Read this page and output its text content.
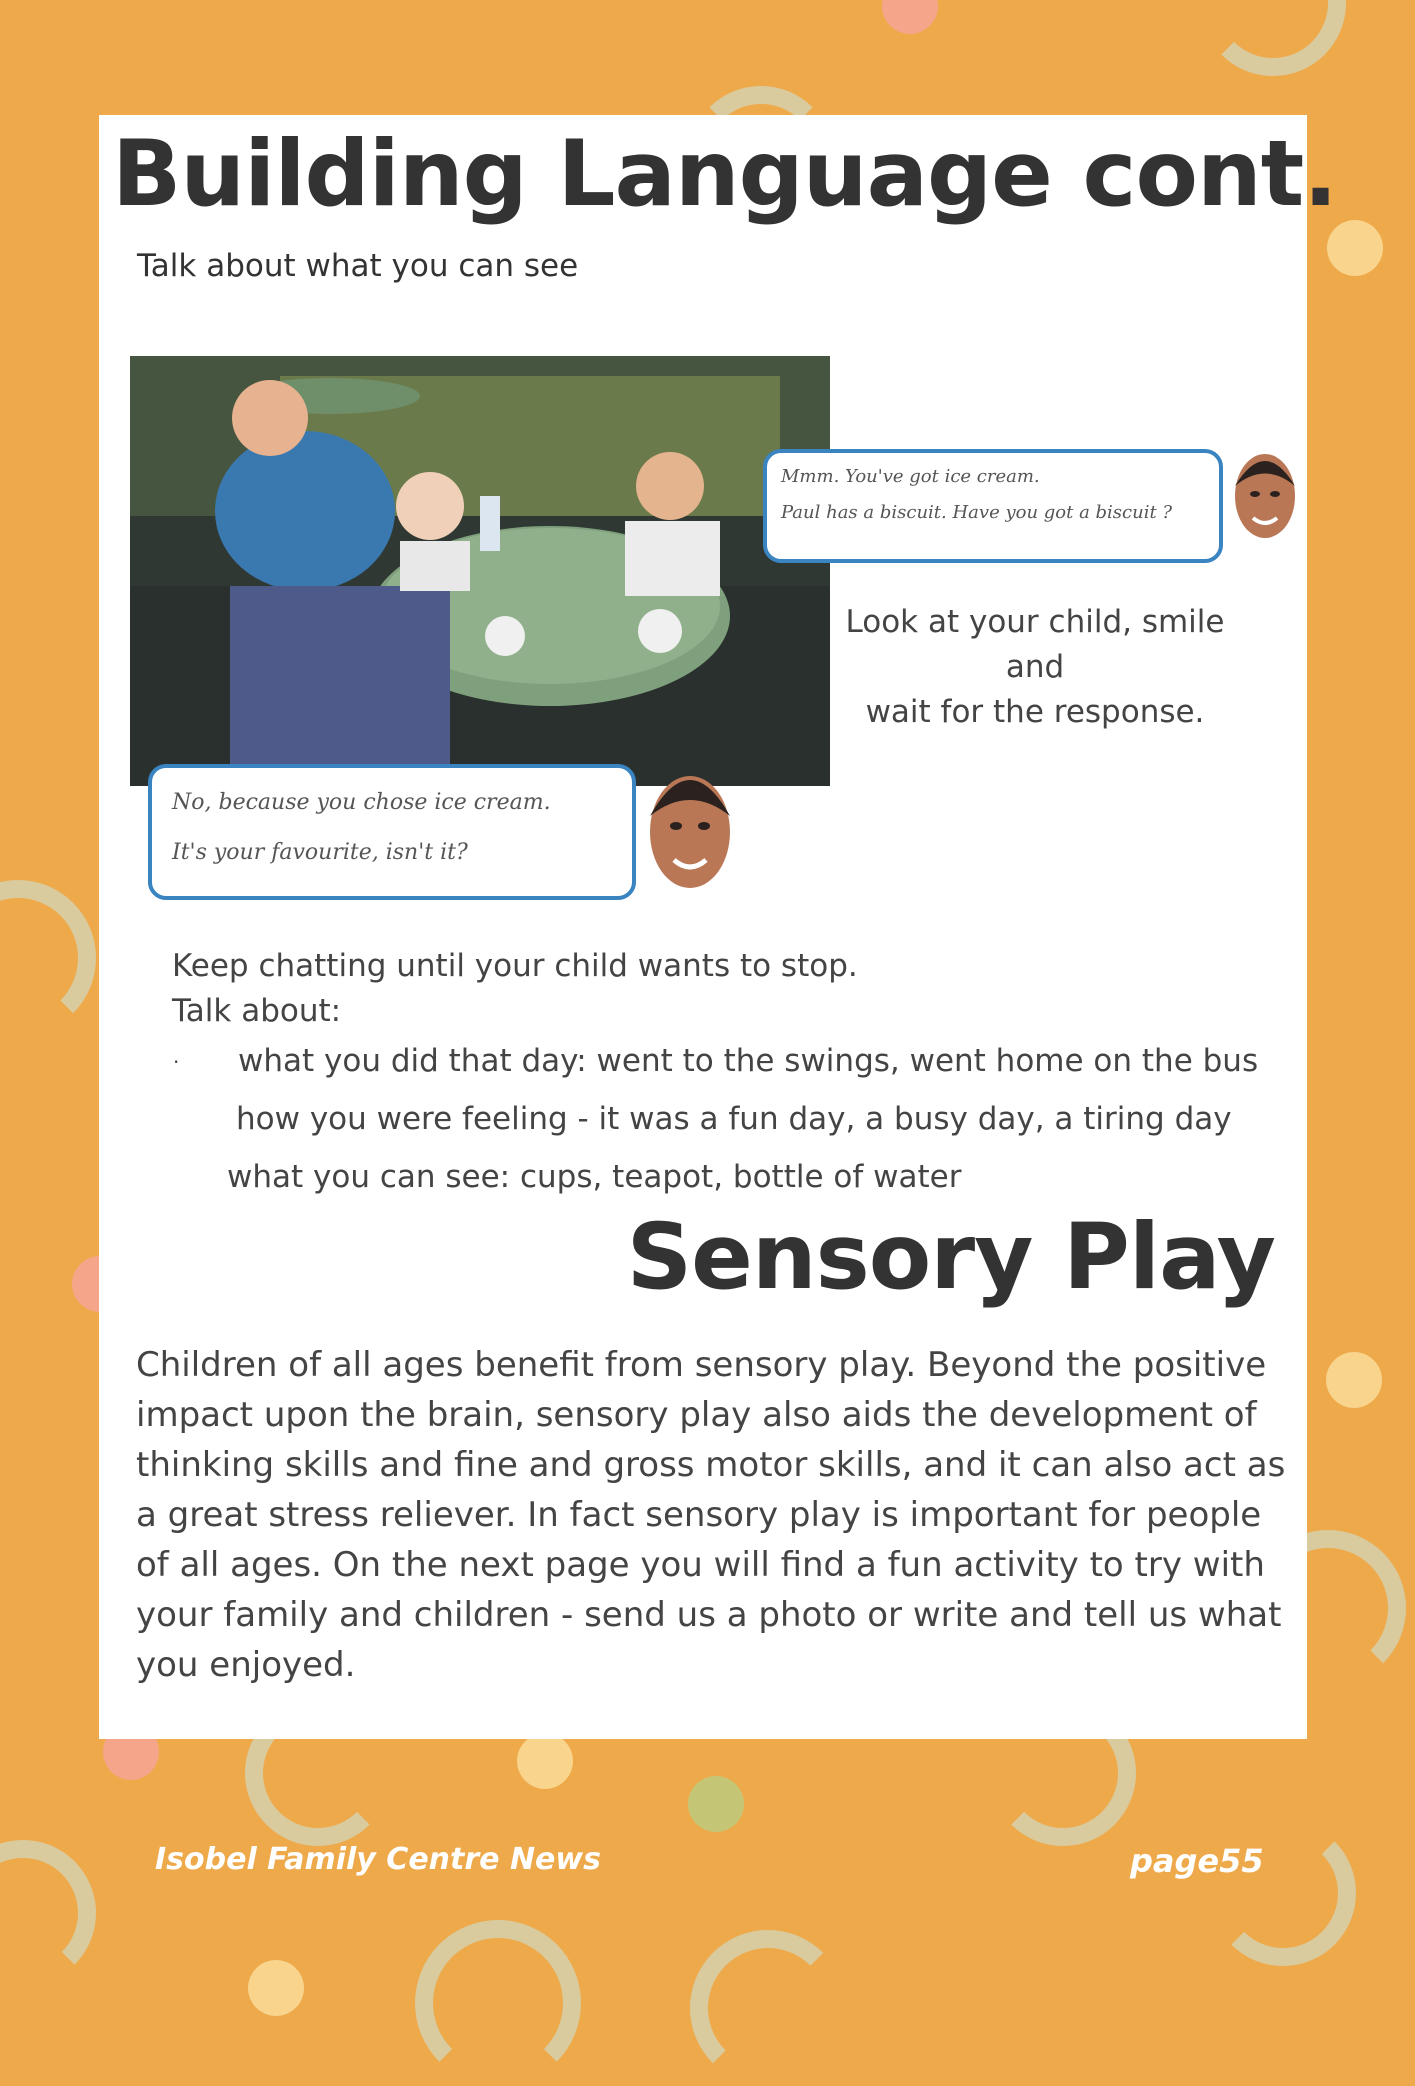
Building Language cont.
Talk about what you can see

Mmm. You've got ice cream.

Paul has a biscuit. Have you got a biscuit ?

Look at your child, smile
and
wait for the response.

No, because you chose ice cream.

It's your favourite, isn't it?

Keep chatting until your child wants to stop.
Talk about:
· what you did that day: went to the swings, went home on the bus
how you were feeling - it was a fun day, a busy day, a tiring day
what you can see: cups, teapot, bottle of water
Sensory Play

Children of all ages benefit from sensory play. Beyond the positive impact upon the brain, sensory play also aids the development of thinking skills and fine and gross motor skills, and it can also act as a great stress reliever. In fact sensory play is important for people of all ages. On the next page you will find a fun activity to try with your family and children - send us a photo or write and tell us what you enjoyed.

Isobel Family Centre News	page55
